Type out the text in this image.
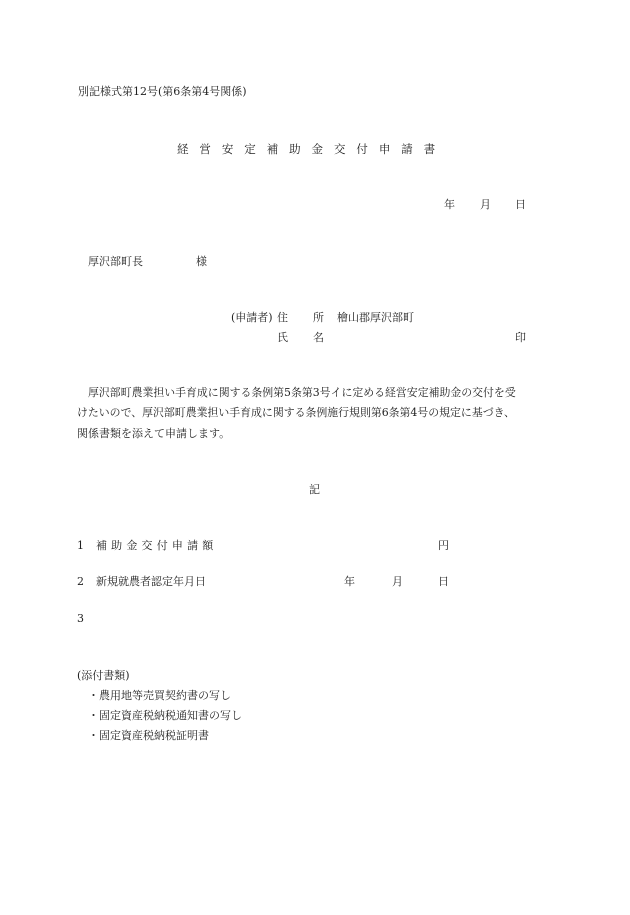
別記様式第12号(第6条第4号関係)
経営安定補助金交付申請書
年 月 日
厚沢部町長	様
(申請者) 住 所 檜山郡厚沢部町
氏 名	印
厚沢部町農業担い手育成に関する条例第5条第3号イに定める経営安定補助金の交付を受
けたいので、厚沢部町農業担い手育成に関する条例施行規則第6条第4号の規定に基づき、
関係書類を添えて申請します。
記
1 補助金交付申請額	円
2 新規就農者認定年月日	年	月	日
3
(添付書類)
・農用地等売買契約書の写し
・固定資産税納税通知書の写し
・固定資産税納税証明書
